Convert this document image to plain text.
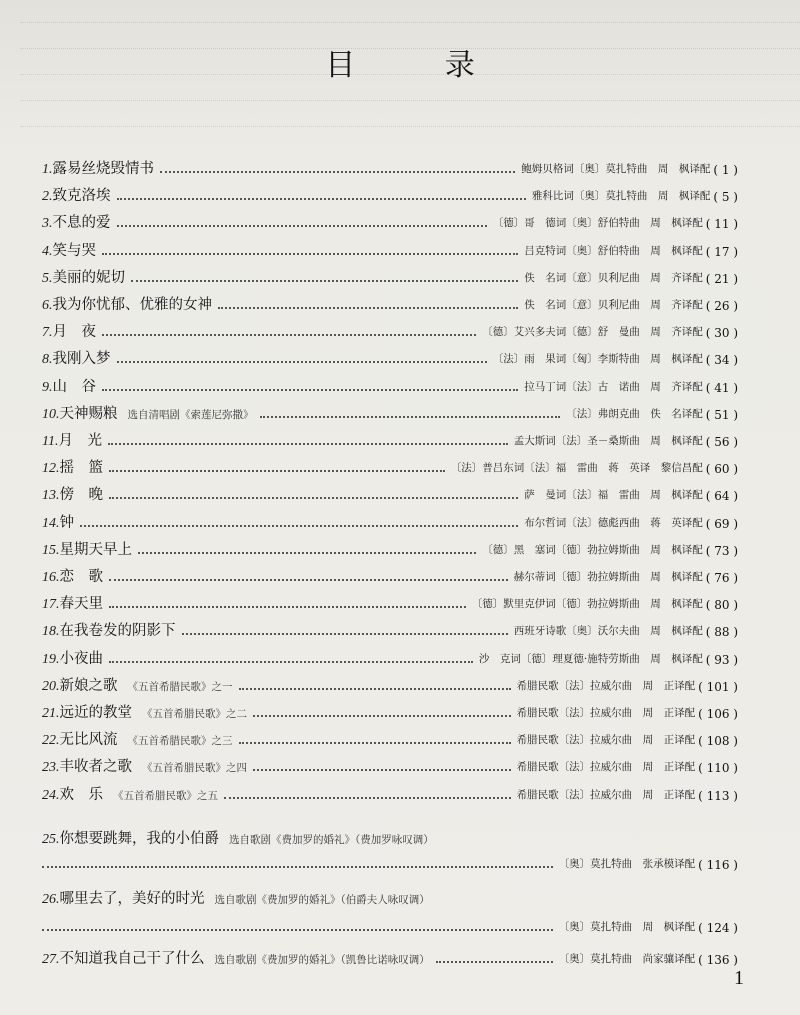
目 录
1. 露易丝烧毁情书	鲍姆贝格词〔奥〕莫扎特曲　周　枫译配 ( 1 )
2. 致克洛埃	雅科比词〔奥〕莫扎特曲　周　枫译配 ( 5 )
3. 不息的爱	〔德〕哥　德词〔奥〕舒伯特曲　周　枫译配 ( 11 )
4. 笑与哭	吕克特词〔奥〕舒伯特曲　周　枫译配 ( 17 )
5. 美丽的妮切	佚　名词〔意〕贝利尼曲　周　齐译配 ( 21 )
6. 我为你忧郁、优雅的女神	佚　名词〔意〕贝利尼曲　周　齐译配 ( 26 )
7. 月　夜	〔德〕艾兴多夫词〔德〕舒　曼曲　周　齐译配 ( 30 )
8. 我刚入梦	〔法〕雨　果词〔匈〕李斯特曲　周　枫译配 ( 34 )
9. 山　谷	拉马丁词〔法〕古　诺曲　周　齐译配 ( 41 )
10. 天神赐粮 选自清唱剧《索莲尼弥撒》	〔法〕弗朗克曲　佚　名译配 ( 51 )
11. 月　光	孟大斯词〔法〕圣－桑斯曲　周　枫译配 ( 56 )
12. 摇　篮	〔法〕普吕东词〔法〕福　雷曲　蒋　英译　黎信昌配 ( 60 )
13. 傍　晚	萨　曼词〔法〕福　雷曲　周　枫译配 ( 64 )
14. 钟	布尔哲词〔法〕德彪西曲　蒋　英译配 ( 69 )
15. 星期天早上	〔德〕黑　塞词〔德〕勃拉姆斯曲　周　枫译配 ( 73 )
16. 恋　歌	赫尔蒂词〔德〕勃拉姆斯曲　周　枫译配 ( 76 )
17. 春天里	〔德〕默里克伊词〔德〕勃拉姆斯曲　周　枫译配 ( 80 )
18. 在我卷发的阴影下	西班牙诗歌〔奥〕沃尔夫曲　周　枫译配 ( 88 )
19. 小夜曲	沙　克词〔德〕理夏德·施特劳斯曲　周　枫译配 ( 93 )
20. 新娘之歌 《五首希腊民歌》之一	希腊民歌〔法〕拉威尔曲　周　正译配 ( 101 )
21. 远近的教堂 《五首希腊民歌》之二	希腊民歌〔法〕拉威尔曲　周　正译配 ( 106 )
22. 无比风流 《五首希腊民歌》之三	希腊民歌〔法〕拉威尔曲　周　正译配 ( 108 )
23. 丰收者之歌 《五首希腊民歌》之四	希腊民歌〔法〕拉威尔曲　周　正译配 ( 110 )
24. 欢　乐 《五首希腊民歌》之五	希腊民歌〔法〕拉威尔曲　周　正译配 ( 113 )
25. 你想要跳舞，我的小伯爵 选自歌剧《费加罗的婚礼》（费加罗咏叹调）
〔奥〕莫扎特曲　张承模译配 ( 116 )
26. 哪里去了，美好的时光 选自歌剧《费加罗的婚礼》（伯爵夫人咏叹调）
〔奥〕莫扎特曲　周　枫译配 ( 124 )
27. 不知道我自己干了什么 选自歌剧《费加罗的婚礼》（凯鲁比诺咏叹调）	〔奥〕莫扎特曲　尚家骧译配 ( 136 )
1
